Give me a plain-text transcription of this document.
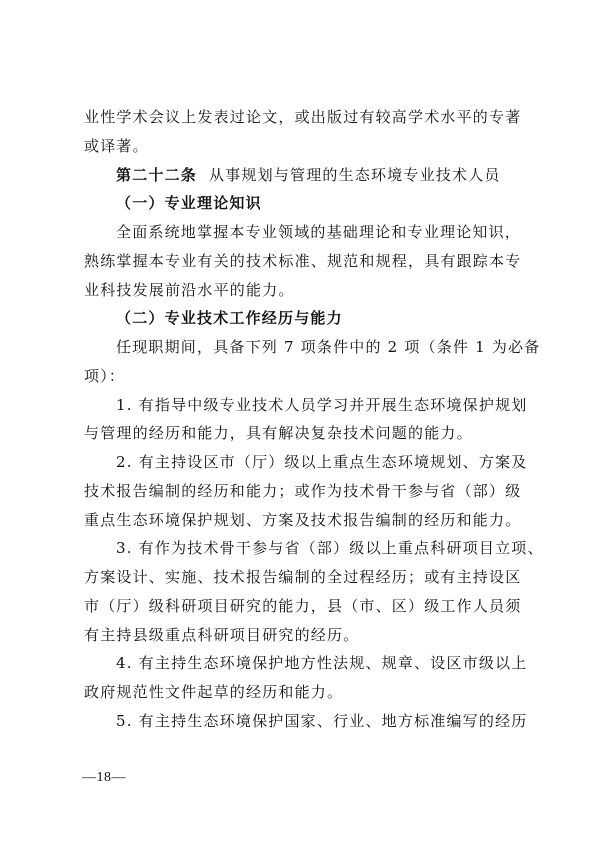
业性学术会议上发表过论文，或出版过有较高学术水平的专著
或译著。
第二十二条 从事规划与管理的生态环境专业技术人员
（一）专业理论知识
全面系统地掌握本专业领域的基础理论和专业理论知识，
熟练掌握本专业有关的技术标准、规范和规程，具有跟踪本专
业科技发展前沿水平的能力。
（二）专业技术工作经历与能力
任现职期间，具备下列 7 项条件中的 2 项（条件 1 为必备
项）：
1. 有指导中级专业技术人员学习并开展生态环境保护规划
与管理的经历和能力，具有解决复杂技术问题的能力。
2. 有主持设区市（厅）级以上重点生态环境规划、方案及
技术报告编制的经历和能力；或作为技术骨干参与省（部）级
重点生态环境保护规划、方案及技术报告编制的经历和能力。
3. 有作为技术骨干参与省（部）级以上重点科研项目立项、
方案设计、实施、技术报告编制的全过程经历；或有主持设区
市（厅）级科研项目研究的能力，县（市、区）级工作人员须
有主持县级重点科研项目研究的经历。
4. 有主持生态环境保护地方性法规、规章、设区市级以上
政府规范性文件起草的经历和能力。
—18—
5. 有主持生态环境保护国家、行业、地方标准编写的经历
